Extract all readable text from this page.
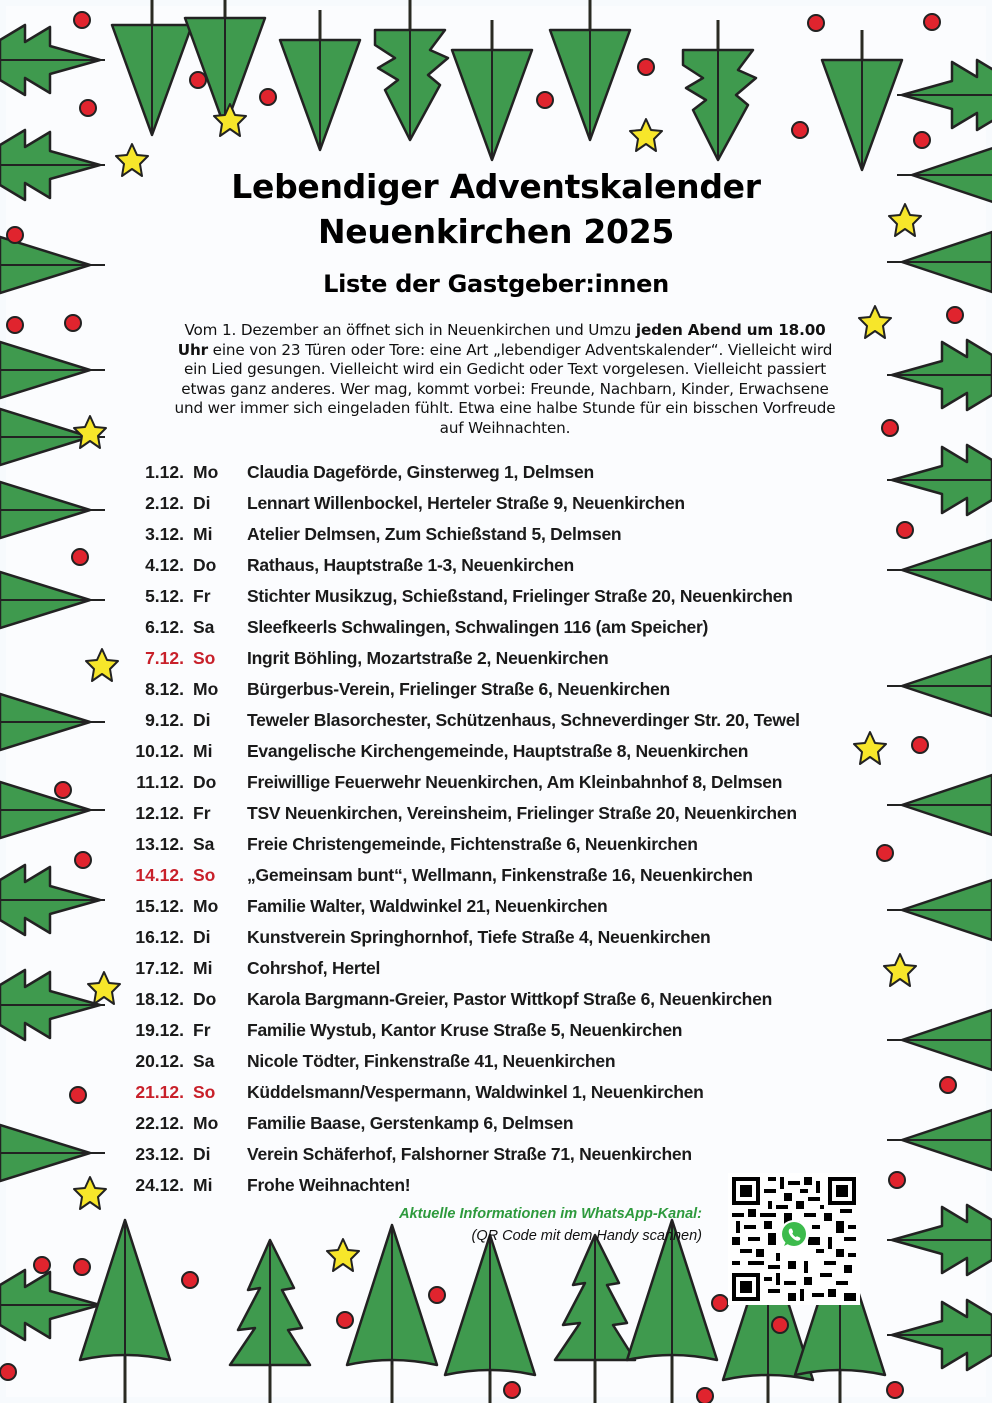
Lebendiger Adventskalender
Neuenkirchen 2025
Liste der Gastgeber:innen
Vom 1. Dezember an öffnet sich in Neuenkirchen und Umzu jeden Abend um 18.00 Uhr eine von 23 Türen oder Tore: eine Art „lebendiger Adventskalender“. Vielleicht wird ein Lied gesungen. Vielleicht wird ein Gedicht oder Text vorgelesen. Vielleicht passiert etwas ganz anderes. Wer mag, kommt vorbei: Freunde, Nachbarn, Kinder, Erwachsene und wer immer sich eingeladen fühlt. Etwa eine halbe Stunde für ein bisschen Vorfreude auf Weihnachten.
1.12. Mo	Claudia Dageförde, Ginsterweg 1, Delmsen
2.12. Di	Lennart Willenbockel, Herteler Straße 9, Neuenkirchen
3.12. Mi	Atelier Delmsen, Zum Schießstand 5, Delmsen
4.12. Do	Rathaus, Hauptstraße 1-3, Neuenkirchen
5.12. Fr	Stichter Musikzug, Schießstand, Frielinger Straße 20, Neuenkirchen
6.12. Sa	Sleefkeerls Schwalingen, Schwalingen 116 (am Speicher)
7.12. So	Ingrit Böhling, Mozartstraße 2, Neuenkirchen
8.12. Mo	Bürgerbus-Verein, Frielinger Straße 6, Neuenkirchen
9.12. Di	Teweler Blasorchester, Schützenhaus, Schneverdinger Str. 20, Tewel
10.12. Mi	Evangelische Kirchengemeinde, Hauptstraße 8, Neuenkirchen
11.12. Do	Freiwillige Feuerwehr Neuenkirchen, Am Kleinbahnhof 8, Delmsen
12.12. Fr	TSV Neuenkirchen, Vereinsheim, Frielinger Straße 20, Neuenkirchen
13.12. Sa	Freie Christengemeinde, Fichtenstraße 6, Neuenkirchen
14.12. So	„Gemeinsam bunt“, Wellmann, Finkenstraße 16, Neuenkirchen
15.12. Mo	Familie Walter, Waldwinkel 21, Neuenkirchen
16.12. Di	Kunstverein Springhornhof, Tiefe Straße 4, Neuenkirchen
17.12. Mi	Cohrshof, Hertel
18.12. Do	Karola Bargmann-Greier, Pastor Wittkopf Straße 6, Neuenkirchen
19.12. Fr	Familie Wystub, Kantor Kruse Straße 5, Neuenkirchen
20.12. Sa	Nicole Tödter, Finkenstraße 41, Neuenkirchen
21.12. So	Küddelsmann/Vespermann, Waldwinkel 1, Neuenkirchen
22.12. Mo	Familie Baase, Gerstenkamp 6, Delmsen
23.12. Di	Verein Schäferhof, Falshorner Straße 71, Neuenkirchen
24.12. Mi	Frohe Weihnachten!
Aktuelle Informationen im WhatsApp-Kanal:
(QR Code mit dem Handy scannen)
